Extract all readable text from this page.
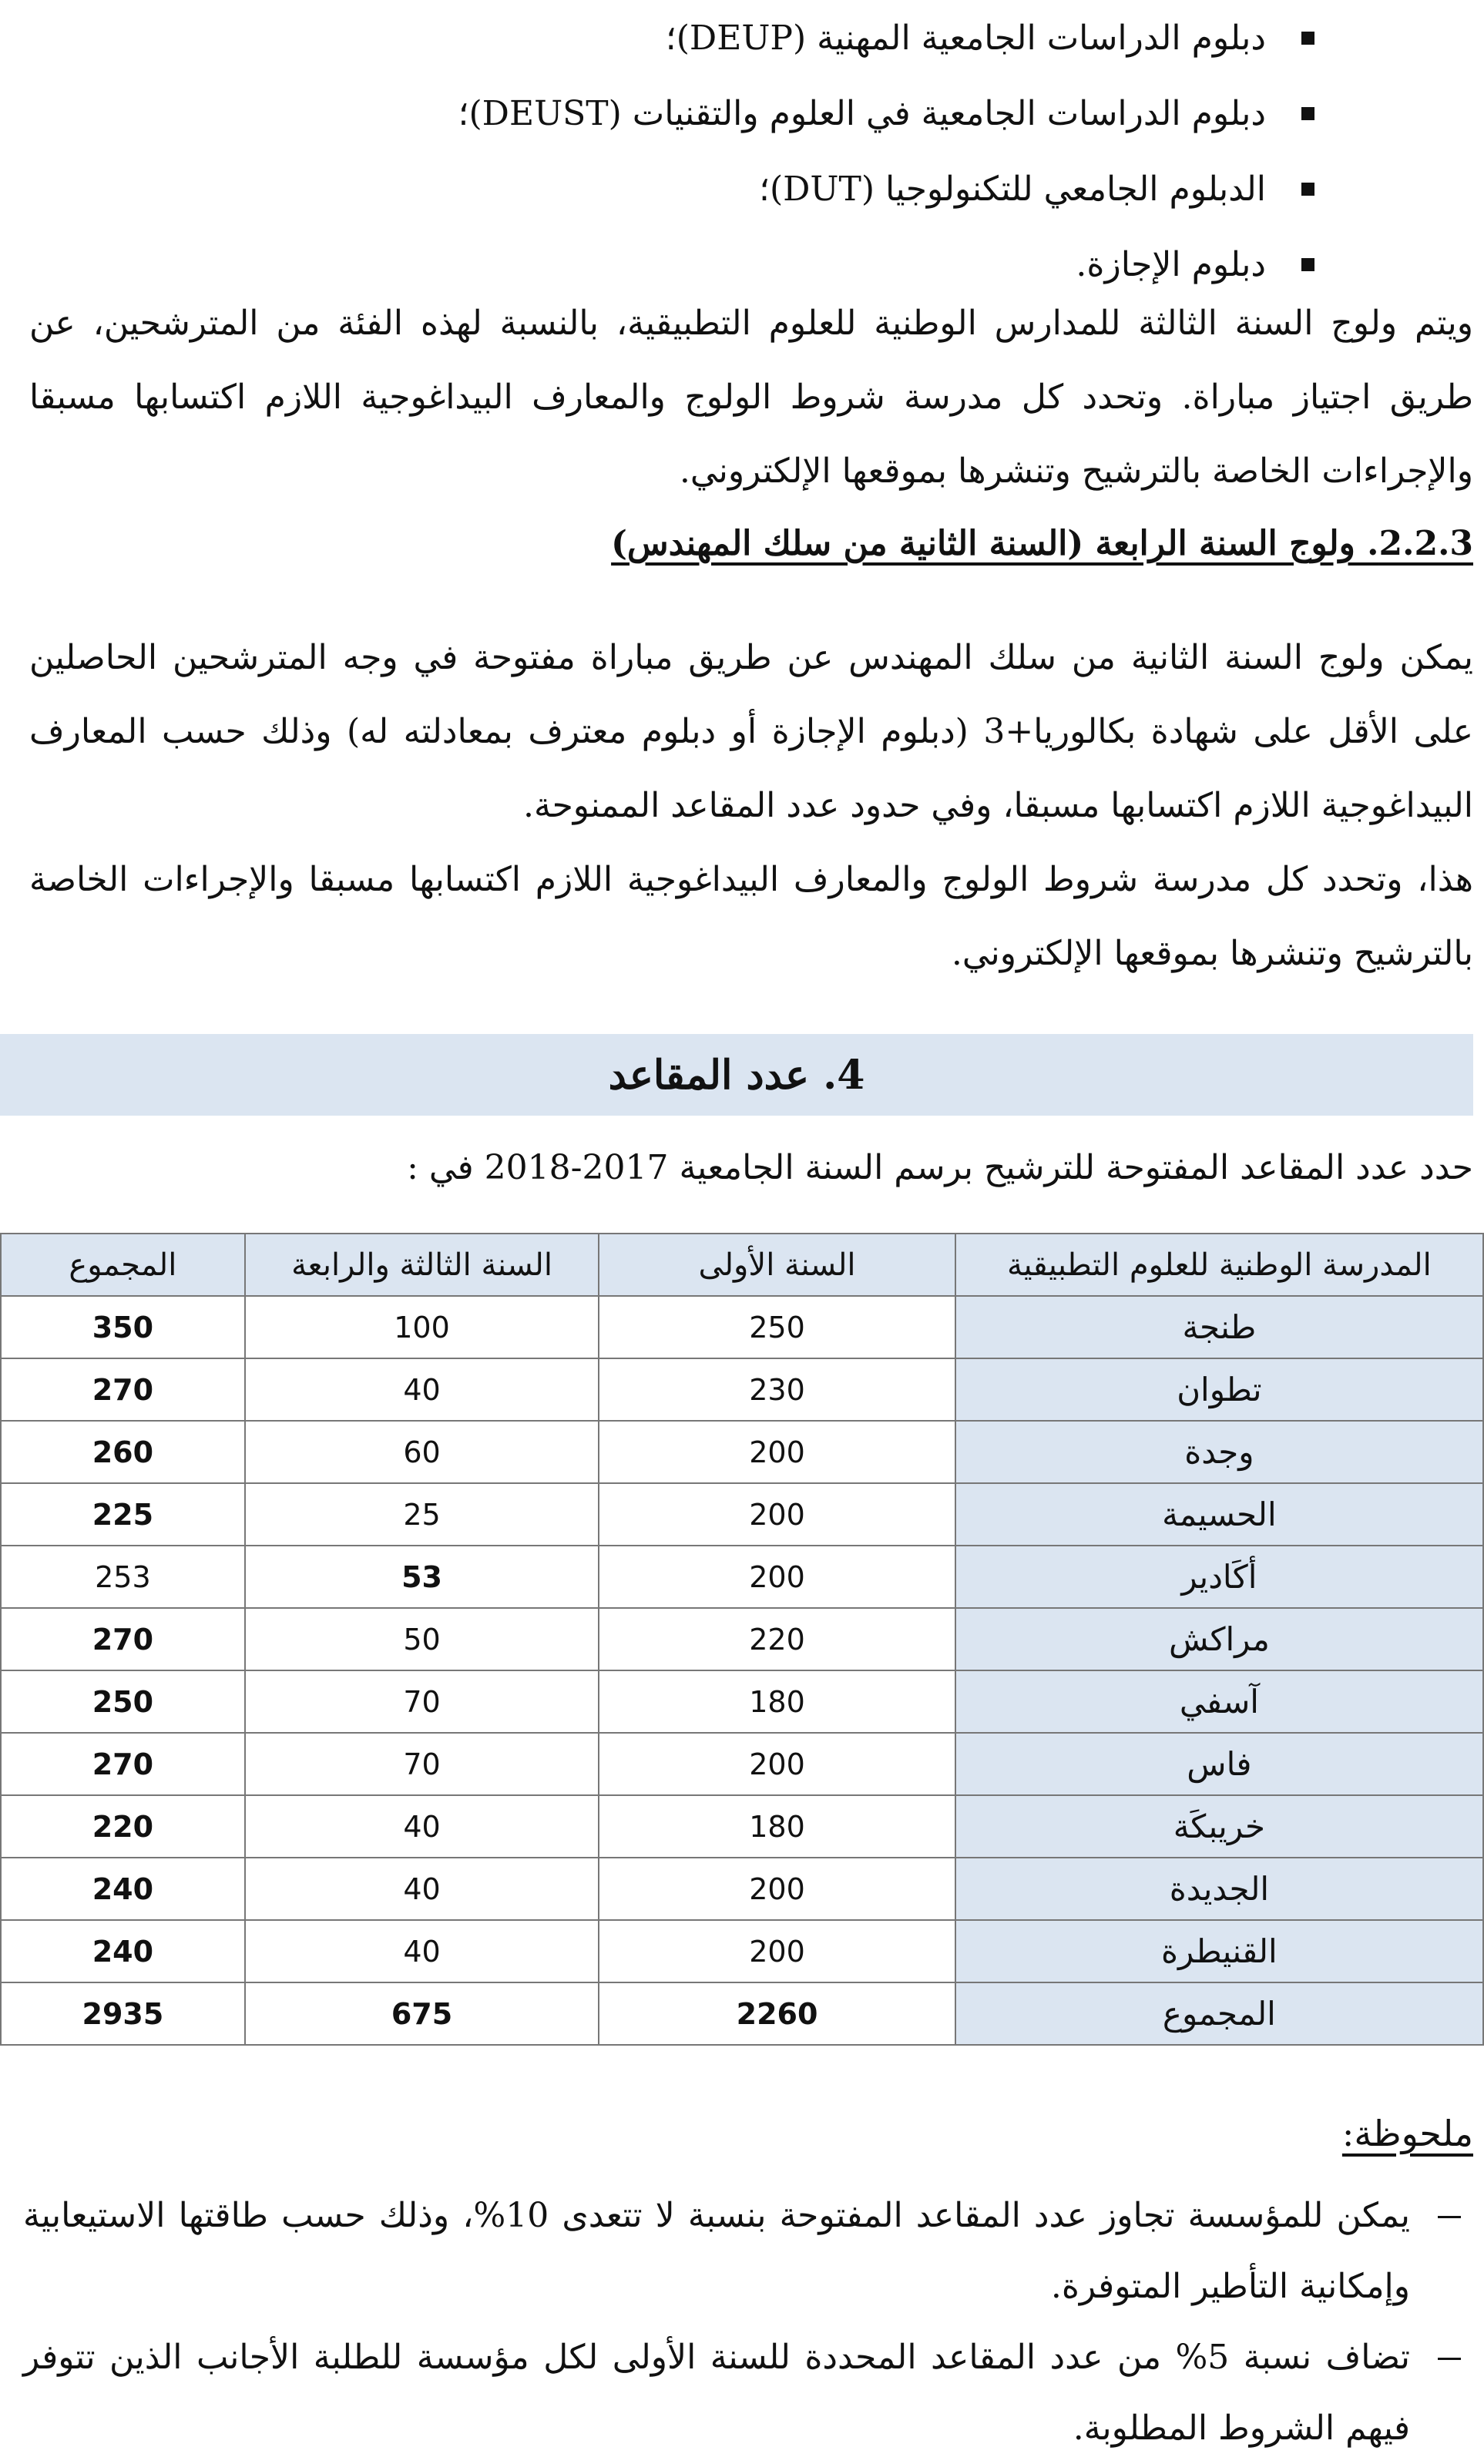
دبلوم الدراسات الجامعية المهنية (DEUP)؛
دبلوم الدراسات الجامعية في العلوم والتقنيات (DEUST)؛
الدبلوم الجامعي للتكنولوجيا (DUT)؛
دبلوم الإجازة.

ويتم ولوج السنة الثالثة للمدارس الوطنية للعلوم التطبيقية، بالنسبة لهذه الفئة من المترشحين، عن طريق اجتياز مباراة. وتحدد كل مدرسة شروط الولوج والمعارف البيداغوجية اللازم اكتسابها مسبقا والإجراءات الخاصة بالترشيح وتنشرها بموقعها الإلكتروني.

2.2.3. ولوج السنة الرابعة (السنة الثانية من سلك المهندس)

يمكن ولوج السنة الثانية من سلك المهندس عن طريق مباراة مفتوحة في وجه المترشحين الحاصلين على الأقل على شهادة بكالوريا+3 (دبلوم الإجازة أو دبلوم معترف بمعادلته له) وذلك حسب المعارف البيداغوجية اللازم اكتسابها مسبقا، وفي حدود عدد المقاعد الممنوحة.

هذا، وتحدد كل مدرسة شروط الولوج والمعارف البيداغوجية اللازم اكتسابها مسبقا والإجراءات الخاصة بالترشيح وتنشرها بموقعها الإلكتروني.

4. عدد المقاعد
حدد عدد المقاعد المفتوحة للترشيح برسم السنة الجامعية 2017-2018 في :
المدرسة الوطنية للعلوم التطبيقية	السنة الأولى	السنة الثالثة والرابعة	المجموع
طنجة	250	100	350
تطوان	230	40	270
وجدة	200	60	260
الحسيمة	200	25	225
أكَادير	200	53	253
مراكش	220	50	270
آسفي	180	70	250
فاس	200	70	270
خريبكَة	180	40	220
الجديدة	200	40	240
القنيطرة	200	40	240
المجموع	2260	675	2935
ملحوظة:
يمكن للمؤسسة تجاوز عدد المقاعد المفتوحة بنسبة لا تتعدى 10%، وذلك حسب طاقتها الاستيعابية وإمكانية التأطير المتوفرة.
تضاف نسبة 5% من عدد المقاعد المحددة للسنة الأولى لكل مؤسسة للطلبة الأجانب الذين تتوفر فيهم الشروط المطلوبة.
